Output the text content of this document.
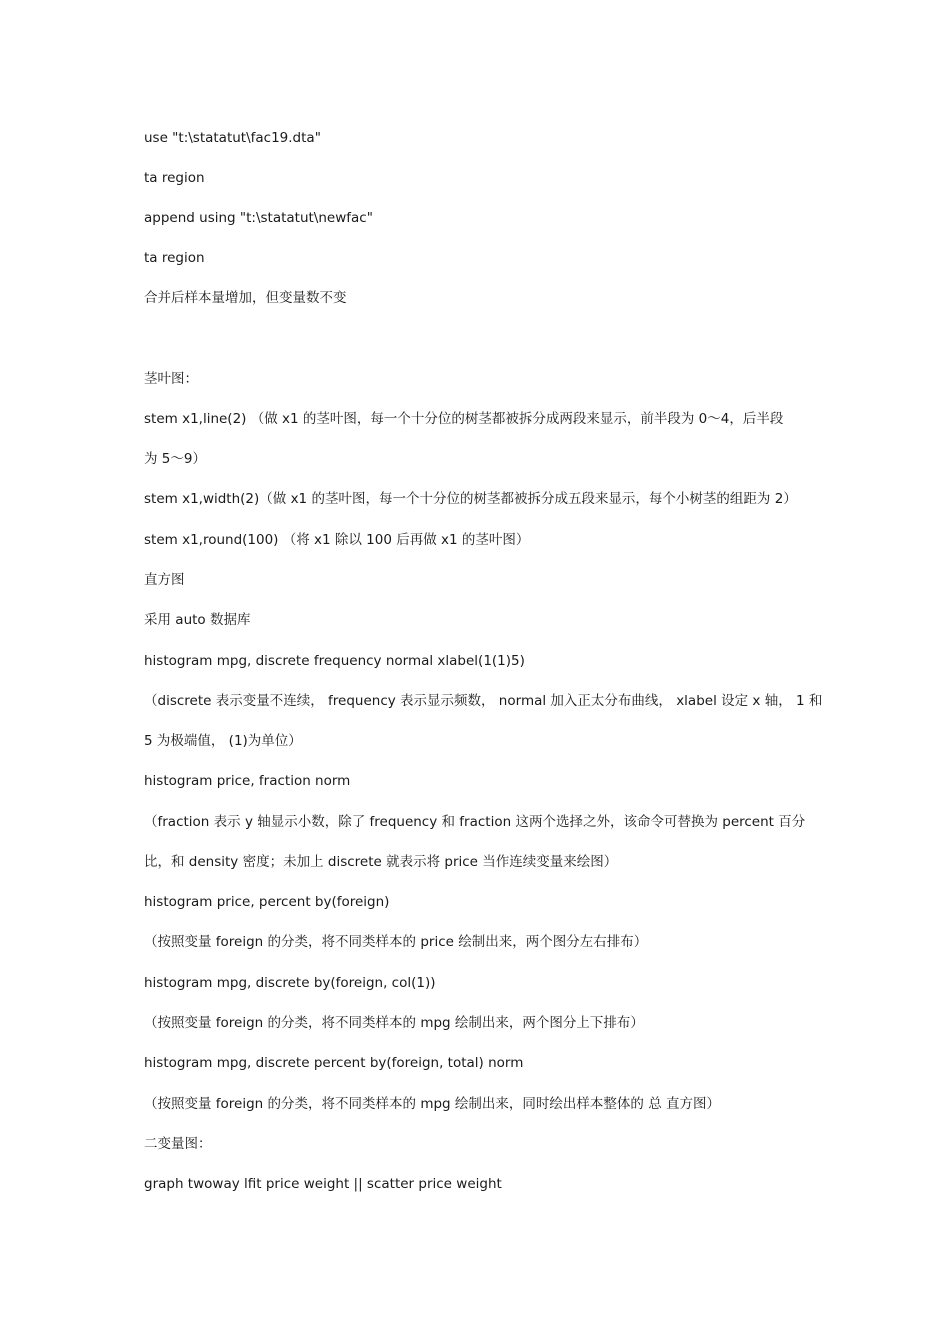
use "t:\statatut\fac19.dta"
ta region
append using "t:\statatut\newfac"
ta region
合并后样本量增加，但变量数不变
茎叶图：
stem x1,line(2) （做 x1 的茎叶图，每一个十分位的树茎都被拆分成两段来显示，前半段为 0～4，后半段
为 5～9）
stem x1,width(2)（做 x1 的茎叶图，每一个十分位的树茎都被拆分成五段来显示，每个小树茎的组距为 2）
stem x1,round(100) （将 x1 除以 100 后再做 x1 的茎叶图）
直方图
采用 auto 数据库
histogram mpg, discrete frequency normal xlabel(1(1)5)
（discrete 表示变量不连续， frequency 表示显示频数， normal 加入正太分布曲线， xlabel 设定 x 轴， 1 和
5 为极端值， (1)为单位）
histogram price, fraction norm
（fraction 表示 y 轴显示小数，除了 frequency 和 fraction 这两个选择之外，该命令可替换为 percent 百分
比，和 density 密度；未加上 discrete 就表示将 price 当作连续变量来绘图）
histogram price, percent by(foreign)
（按照变量 foreign 的分类，将不同类样本的 price 绘制出来，两个图分左右排布）
histogram mpg, discrete by(foreign, col(1))
（按照变量 foreign 的分类，将不同类样本的 mpg 绘制出来，两个图分上下排布）
histogram mpg, discrete percent by(foreign, total) norm
（按照变量 foreign 的分类，将不同类样本的 mpg 绘制出来，同时绘出样本整体的 总 直方图）
二变量图：
graph twoway lfit price weight || scatter price weight
